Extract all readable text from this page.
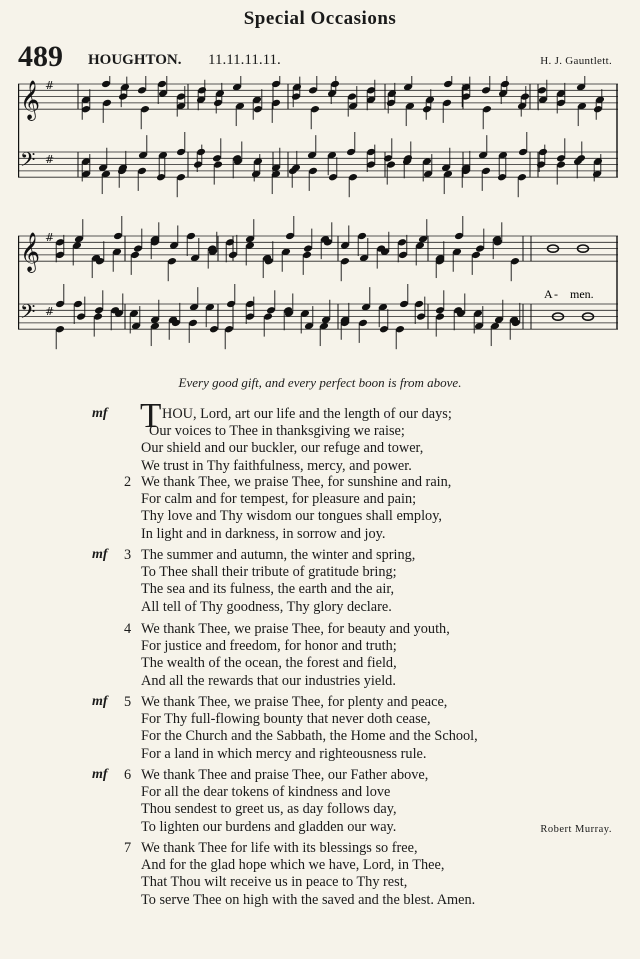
Special Occasions
489 HOUGHTON. 11.11.11.11.	H. J. Gauntlett.
𝄞 #
𝄢 #
𝄞 #
𝄢 #
A - men.
Every good gift, and every perfect boon is from above.
mf T HOU, Lord, art our life and the length of our days;
Our voices to Thee in thanksgiving we raise;
Our shield and our buckler, our refuge and tower,
We trust in Thy faithfulness, mercy, and power.
2 We thank Thee, we praise Thee, for sunshine and rain,
For calm and for tempest, for pleasure and pain;
Thy love and Thy wisdom our tongues shall employ,
In light and in darkness, in sorrow and joy.
mf 3 The summer and autumn, the winter and spring,
To Thee shall their tribute of gratitude bring;
The sea and its fulness, the earth and the air,
All tell of Thy goodness, Thy glory declare.
4 We thank Thee, we praise Thee, for beauty and youth,
For justice and freedom, for honor and truth;
The wealth of the ocean, the forest and field,
And all the rewards that our industries yield.
mf 5 We thank Thee, we praise Thee, for plenty and peace,
For Thy full-flowing bounty that never doth cease,
For the Church and the Sabbath, the Home and the School,
For a land in which mercy and righteousness rule.
mf 6 We thank Thee and praise Thee, our Father above,
For all the dear tokens of kindness and love
Thou sendest to greet us, as day follows day,
To lighten our burdens and gladden our way.
7 We thank Thee for life with its blessings so free,
And for the glad hope which we have, Lord, in Thee,
That Thou wilt receive us in peace to Thy rest,
To serve Thee on high with the saved and the blest. Amen.
Robert Murray.
